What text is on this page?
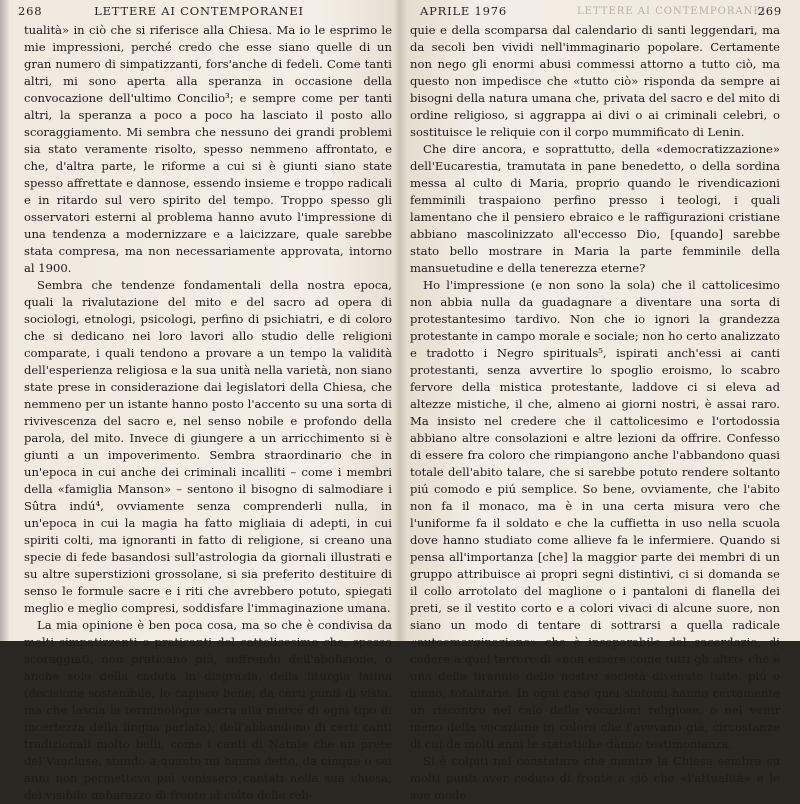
268	LETTERE AI CONTEMPORANEI

tualità» in ciò che si riferisce alla Chiesa. Ma io le esprimo le mie impressioni, perché credo che esse siano quelle di un gran numero di simpatizzanti, fors'anche di fedeli. Come tanti altri, mi sono aperta alla speranza in occasione della convocazione dell'ultimo Concilio³; e sempre come per tanti altri, la speranza a poco a poco ha lasciato il posto allo scoraggiamento. Mi sembra che nessuno dei grandi problemi sia stato veramente risolto, spesso nemmeno affrontato, e che, d'altra parte, le riforme a cui si è giunti siano state spesso affrettate e dannose, essendo insieme e troppo radicali e in ritardo sul vero spirito del tempo. Troppo spesso gli osservatori esterni al problema hanno avuto l'impressione di una tendenza a modernizzare e a laicizzare, quale sarebbe stata compresa, ma non necessariamente approvata, intorno al 1900.

Sembra che tendenze fondamentali della nostra epoca, quali la rivalutazione del mito e del sacro ad opera di sociologi, etnologi, psicologi, perfino di psichiatri, e di coloro che si dedicano nei loro lavori allo studio delle religioni comparate, i quali tendono a provare a un tempo la validità dell'esperienza religiosa e la sua unità nella varietà, non siano state prese in considerazione dai legislatori della Chiesa, che nemmeno per un istante hanno posto l'accento su una sorta di rivivescenza del sacro e, nel senso nobile e profondo della parola, del mito. Invece di giungere a un arricchimento si è giunti a un impoverimento. Sembra straordinario che in un'epoca in cui anche dei criminali incalliti – come i membri della «famiglia Manson» – sentono il bisogno di salmodiare i Sûtra indú⁴, ovviamente senza comprenderli nulla, in un'epoca in cui la magia ha fatto migliaia di adepti, in cui spiriti colti, ma ignoranti in fatto di religione, si creano una specie di fede basandosi sull'astrologia da giornali illustrati e su altre superstizioni grossolane, si sia preferito destituire di senso le formule sacre e i riti che avrebbero potuto, spiegati meglio e meglio compresi, soddisfare l'immaginazione umana.

La mia opinione è ben poca cosa, ma so che è condivisa da molti simpatizzanti o praticanti del cattolicesimo che, spesso scoraggiati, non praticano piú, soffrendo dell'abolizione, o anche solo della caduta in disgrazia, della liturgia latina (decisione sostenibile, lo capisco bene, da certi punti di vista, ma che lascia la terminologia sacra alla mercé di ogni tipo di incertezza della lingua parlata); dell'abbandono di certi canti tradizionali molto belli, come i canti di Natale che un prete del Vaucluse, stando a quanto mi hanno detto, da cinque o sei anni non permetteva piú venissero cantati nella sua chiesa; del visibile imbarazzo di fronte al culto delle reli-

LETTERE AI CONTEMPORANEI
APRILE 1976	269

quie e della scomparsa dal calendario di santi leggendari, ma da secoli ben vividi nell'immaginario popolare. Certamente non nego gli enormi abusi commessi attorno a tutto ciò, ma questo non impedisce che «tutto ciò» risponda da sempre ai bisogni della natura umana che, privata del sacro e del mito di ordine religioso, si aggrappa ai divi o ai criminali celebri, o sostituisce le reliquie con il corpo mummificato di Lenin.

Che dire ancora, e soprattutto, della «democratizzazione» dell'Eucarestia, tramutata in pane benedetto, o della sordina messa al culto di Maria, proprio quando le rivendicazioni femminili traspaiono perfino presso i teologi, i quali lamentano che il pensiero ebraico e le raffigurazioni cristiane abbiano mascolinizzato all'eccesso Dio, [quando] sarebbe stato bello mostrare in Maria la parte femminile della mansuetudine e della tenerezza eterne?

Ho l'impressione (e non sono la sola) che il cattolicesimo non abbia nulla da guadagnare a diventare una sorta di protestantesimo tardivo. Non che io ignori la grandezza protestante in campo morale e sociale; non ho certo analizzato e tradotto i Negro spirituals⁵, ispirati anch'essi ai canti protestanti, senza avvertire lo spoglio eroismo, lo scabro fervore della mistica protestante, laddove ci si eleva ad altezze mistiche, il che, almeno ai giorni nostri, è assai raro. Ma insisto nel credere che il cattolicesimo e l'ortodossia abbiano altre consolazioni e altre lezioni da offrire. Confesso di essere fra coloro che rimpiangono anche l'abbandono quasi totale dell'abito talare, che si sarebbe potuto rendere soltanto piú comodo e piú semplice. So bene, ovviamente, che l'abito non fa il monaco, ma è in una certa misura vero che l'uniforme fa il soldato e che la cuffietta in uso nella scuola dove hanno studiato come allieve fa le infermiere. Quando si pensa all'importanza [che] la maggior parte dei membri di un gruppo attribuisce ai propri segni distintivi, ci si domanda se il collo arrotolato del maglione o i pantaloni di flanella dei preti, se il vestito corto e a colori vivaci di alcune suore, non siano un modo di tentare di sottrarsi a quella radicale «autoemarginazione» che è inseparabile dal sacerdozio, di cedere a quel terrore di «non essere come tutti gli altri» che è una delle tirannie delle nostre società divenute tutte, piú o meno, totalitarie. In ogni caso quei sintomi hanno certamente un riscontro nel calo delle vocazioni religiose, o nel venir meno della vocazione in coloro che l'avevano già, circostanze di cui da molti anni le statistiche dànno testimonianza.

Si è colpiti nel constatare che mentre la Chiesa sembra su molti punti aver ceduto di fronte a ciò che «l'attualità» e le sue mode
